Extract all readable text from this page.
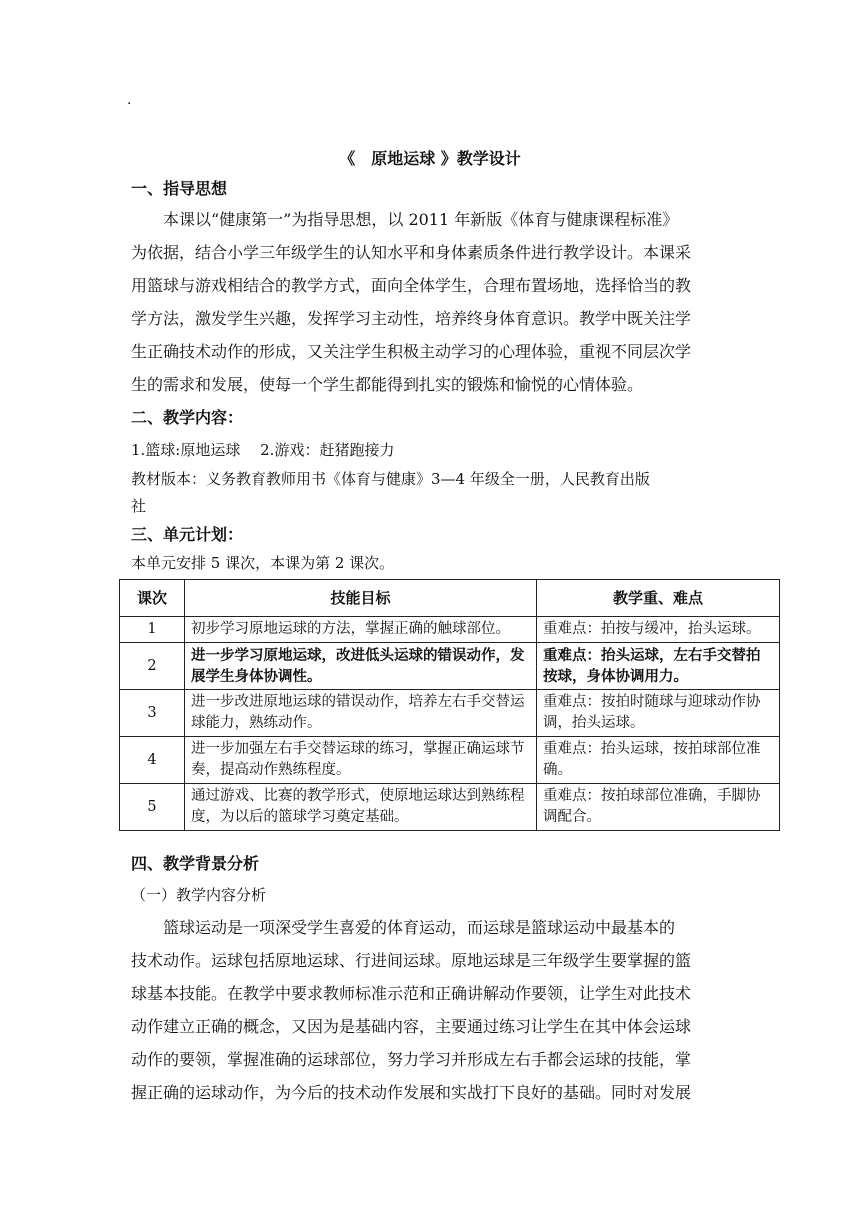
.
《　原地运球 》教学设计
一、指导思想
本课以“健康第一”为指导思想，以 2011 年新版《体育与健康课程标准》
为依据，结合小学三年级学生的认知水平和身体素质条件进行教学设计。本课采
用篮球与游戏相结合的教学方式，面向全体学生，合理布置场地，选择恰当的教
学方法，激发学生兴趣，发挥学习主动性，培养终身体育意识。教学中既关注学
生正确技术动作的形成，又关注学生积极主动学习的心理体验，重视不同层次学
生的需求和发展，使每一个学生都能得到扎实的锻炼和愉悦的心情体验。
二、教学内容：
1.篮球:原地运球　 2.游戏：赶猪跑接力
教材版本：义务教育教师用书《体育与健康》3—4 年级全一册，人民教育出版
社
三、单元计划：
本单元安排 5 课次，本课为第 2 课次。
课次	技能目标	教学重、难点
1	初步学习原地运球的方法，掌握正确的触球部位。	重难点：拍按与缓冲，抬头运球。
2	进一步学习原地运球，改进低头运球的错误动作，发展学生身体协调性。	重难点：抬头运球，左右手交替拍按球，身体协调用力。
3	进一步改进原地运球的错误动作，培养左右手交替运球能力，熟练动作。	重难点：按拍时随球与迎球动作协调，抬头运球。
4	进一步加强左右手交替运球的练习，掌握正确运球节奏，提高动作熟练程度。	重难点：抬头运球，按拍球部位准确。
5	通过游戏、比赛的教学形式，使原地运球达到熟练程度，为以后的篮球学习奠定基础。	重难点：按拍球部位准确，手脚协调配合。
四、教学背景分析
（一）教学内容分析
篮球运动是一项深受学生喜爱的体育运动，而运球是篮球运动中最基本的
技术动作。运球包括原地运球、行进间运球。原地运球是三年级学生要掌握的篮
球基本技能。在教学中要求教师标准示范和正确讲解动作要领，让学生对此技术
动作建立正确的概念，又因为是基础内容，主要通过练习让学生在其中体会运球
动作的要领，掌握准确的运球部位，努力学习并形成左右手都会运球的技能，掌
握正确的运球动作，为今后的技术动作发展和实战打下良好的基础。同时对发展
